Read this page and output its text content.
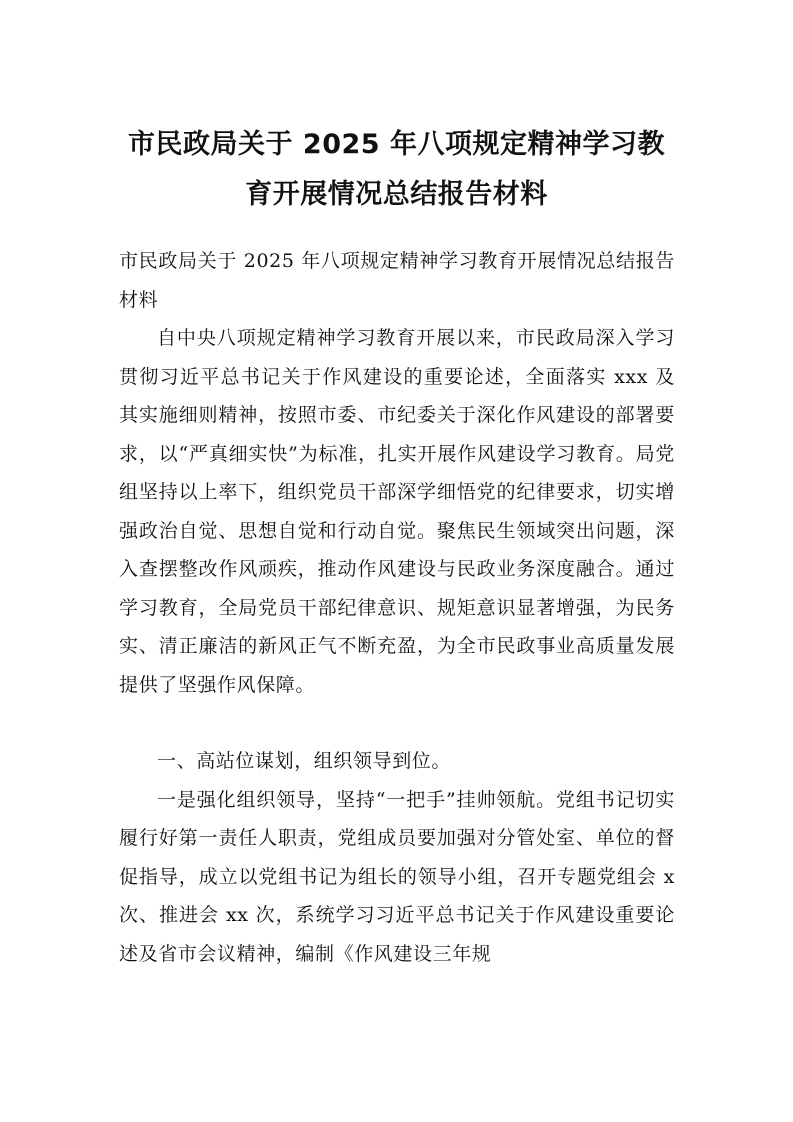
市民政局关于 2025 年八项规定精神学习教
育开展情况总结报告材料

市民政局关于 2025 年八项规定精神学习教育开展情况总结报告材料

自中央八项规定精神学习教育开展以来，市民政局深入学习贯彻习近平总书记关于作风建设的重要论述，全面落实 xxx 及其实施细则精神，按照市委、市纪委关于深化作风建设的部署要求，以“严真细实快”为标准，扎实开展作风建设学习教育。局党组坚持以上率下，组织党员干部深学细悟党的纪律要求，切实增强政治自觉、思想自觉和行动自觉。聚焦民生领域突出问题，深入查摆整改作风顽疾，推动作风建设与民政业务深度融合。通过学习教育，全局党员干部纪律意识、规矩意识显著增强，为民务实、清正廉洁的新风正气不断充盈，为全市民政事业高质量发展提供了坚强作风保障。

一、高站位谋划，组织领导到位。

一是强化组织领导，坚持“一把手”挂帅领航。党组书记切实履行好第一责任人职责，党组成员要加强对分管处室、单位的督促指导，成立以党组书记为组长的领导小组，召开专题党组会 x 次、推进会 xx 次，系统学习习近平总书记关于作风建设重要论述及省市会议精神，编制《作风建设三年规
